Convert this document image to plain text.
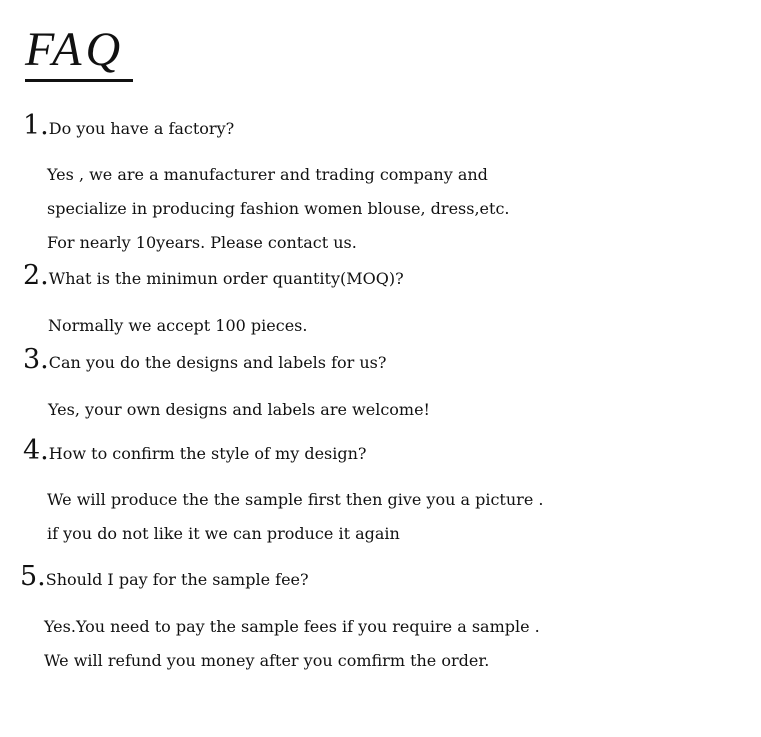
FAQ
1.Do you have a factory?
Yes , we are a manufacturer and trading company and
specialize in producing fashion women blouse, dress,etc.
For nearly 10years. Please contact us.
2.What is the minimun order quantity(MOQ)?
Normally we accept 100 pieces.
3.Can you do the designs and labels for us?
Yes, your own designs and labels are welcome!
4.How to confirm the style of my design?
We will produce the the sample first then give you a picture .
if you do not like it we can produce it again
5.Should I pay for the sample fee?
Yes.You need to pay the sample fees if you require a sample .
We will refund you money after you comfirm the order.
